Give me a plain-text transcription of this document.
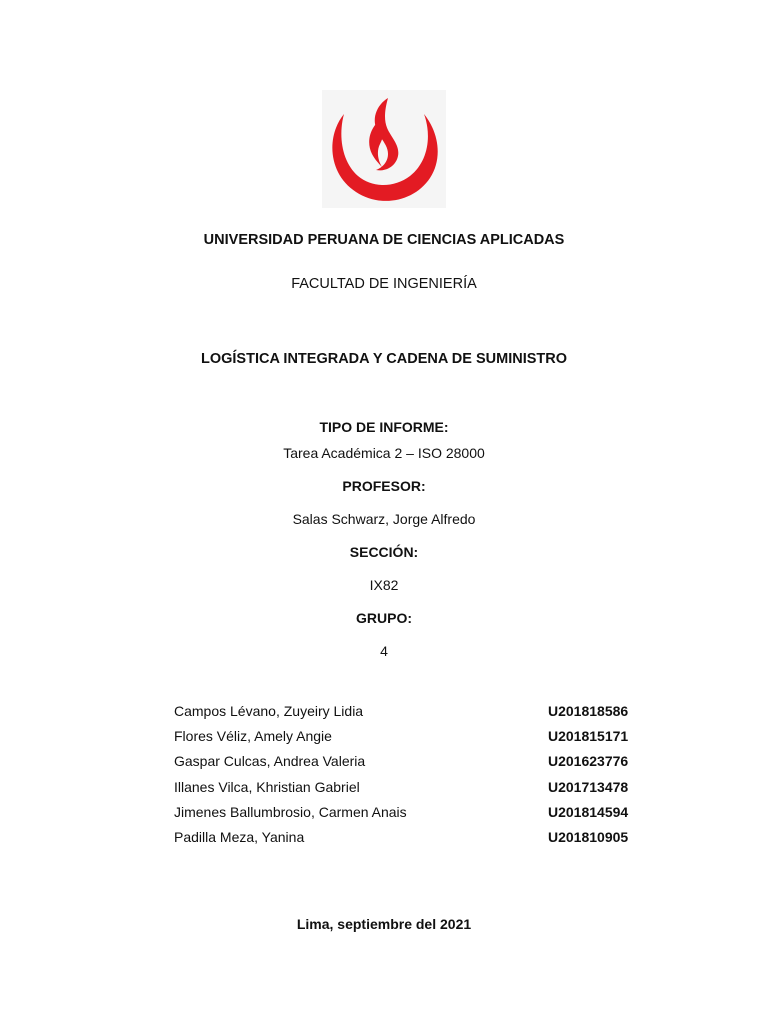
UNIVERSIDAD PERUANA DE CIENCIAS APLICADAS
FACULTAD DE INGENIERÍA
LOGÍSTICA INTEGRADA Y CADENA DE SUMINISTRO
TIPO DE INFORME:
Tarea Académica 2 – ISO 28000
PROFESOR:
Salas Schwarz, Jorge Alfredo
SECCIÓN:
IX82
GRUPO:
4
Campos Lévano, Zuyeiry Lidia	U201818586
Flores Véliz, Amely Angie	U201815171
Gaspar Culcas, Andrea Valeria	U201623776
Illanes Vilca, Khristian Gabriel	U201713478
Jimenes Ballumbrosio, Carmen Anais	U201814594
Padilla Meza, Yanina	U201810905
Lima, septiembre del 2021
